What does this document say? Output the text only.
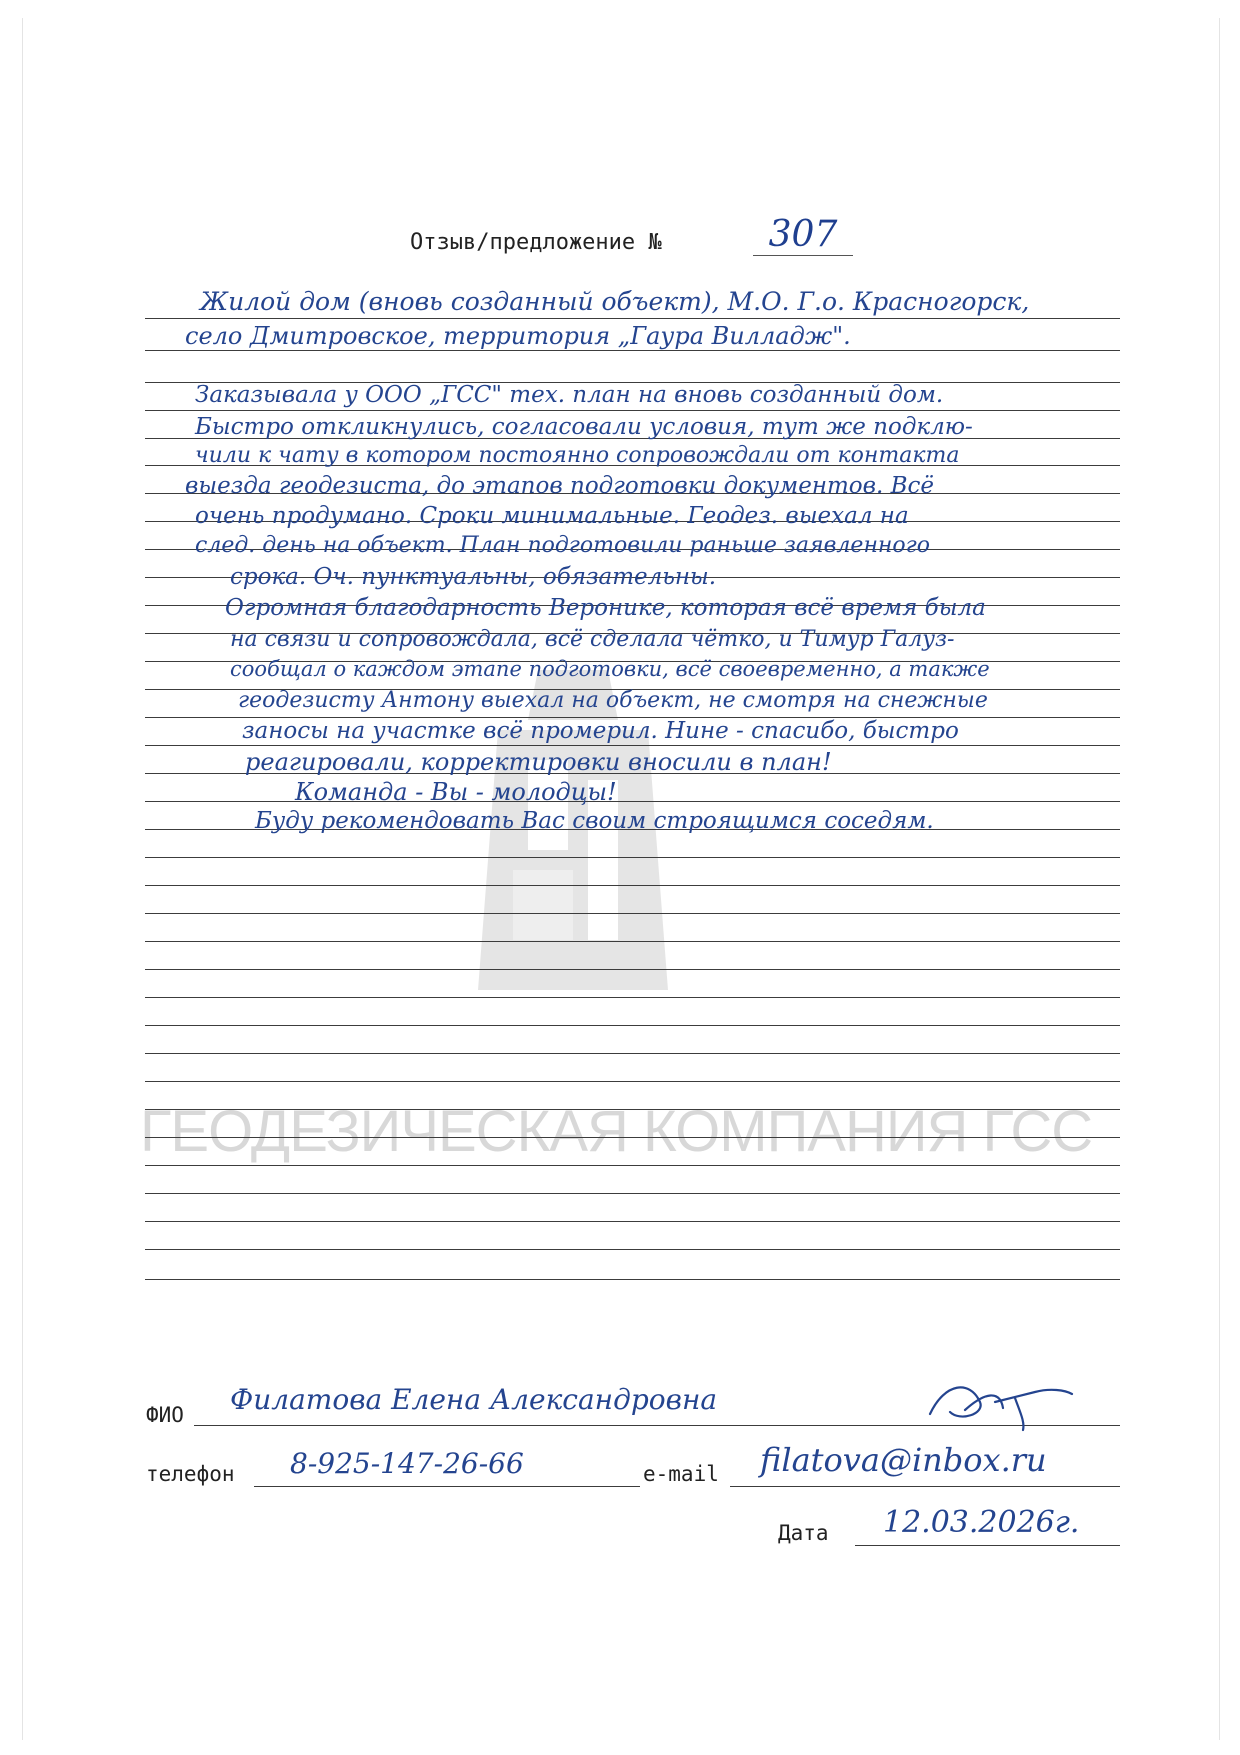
ГЕОДЕЗИЧЕСКАЯ КОМПАНИЯ ГСС
Отзыв/предложение №	307
Жилой дом (вновь созданный объект), М.О. Г.о. Красногорск,
село Дмитровское, территория „Гаура Вилладж".
Заказывала у ООО „ГСС" тех. план на вновь созданный дом.
Быстро откликнулись, согласовали условия, тут же подклю-
чили к чату в котором постоянно сопровождали от контакта
выезда геодезиста, до этапов подготовки документов. Всё
очень продумано. Сроки минимальные. Геодез. выехал на
след. день на объект. План подготовили раньше заявленного
срока. Оч. пунктуальны, обязательны.
Огромная благодарность Веронике, которая всё время была
на связи и сопровождала, всё сделала чётко, и Тимур Галуз-
сообщал о каждом этапе подготовки, всё своевременно, а также
геодезисту Антону выехал на объект, не смотря на снежные
заносы на участке всё промерил. Нине - спасибо, быстро
реагировали, корректировки вносили в план!
Команда - Вы - молодцы!
Буду рекомендовать Вас своим строящимся соседям.
ФИО Филатова Елена Александровна
телефон 8-925-147-26-66	e-mail filatova@inbox.ru
Дата 12.03.2026г.
